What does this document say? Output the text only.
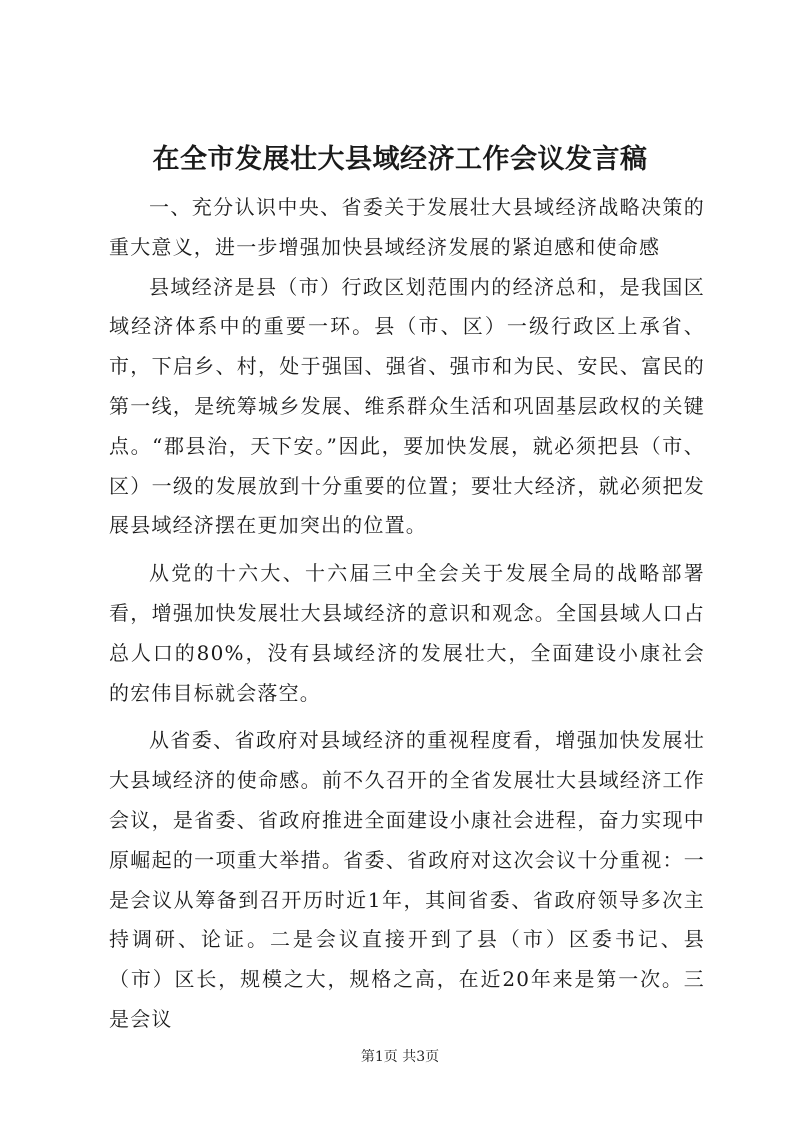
在全市发展壮大县域经济工作会议发言稿

一、充分认识中央、省委关于发展壮大县域经济战略决策的重大意义，进一步增强加快县域经济发展的紧迫感和使命感

县域经济是县（市）行政区划范围内的经济总和，是我国区域经济体系中的重要一环。县（市、区）一级行政区上承省、市，下启乡、村，处于强国、强省、强市和为民、安民、富民的第一线，是统筹城乡发展、维系群众生活和巩固基层政权的关键点。“郡县治，天下安。”因此，要加快发展，就必须把县（市、区）一级的发展放到十分重要的位置；要壮大经济，就必须把发展县域经济摆在更加突出的位置。

从党的十六大、十六届三中全会关于发展全局的战略部署看，增强加快发展壮大县域经济的意识和观念。全国县域人口占总人口的80%，没有县域经济的发展壮大，全面建设小康社会的宏伟目标就会落空。

从省委、省政府对县域经济的重视程度看，增强加快发展壮大县域经济的使命感。前不久召开的全省发展壮大县域经济工作会议，是省委、省政府推进全面建设小康社会进程，奋力实现中原崛起的一项重大举措。省委、省政府对这次会议十分重视：一是会议从筹备到召开历时近1年，其间省委、省政府领导多次主持调研、论证。二是会议直接开到了县（市）区委书记、县（市）区长，规模之大，规格之高，在近20年来是第一次。三是会议

第1页 共3页
